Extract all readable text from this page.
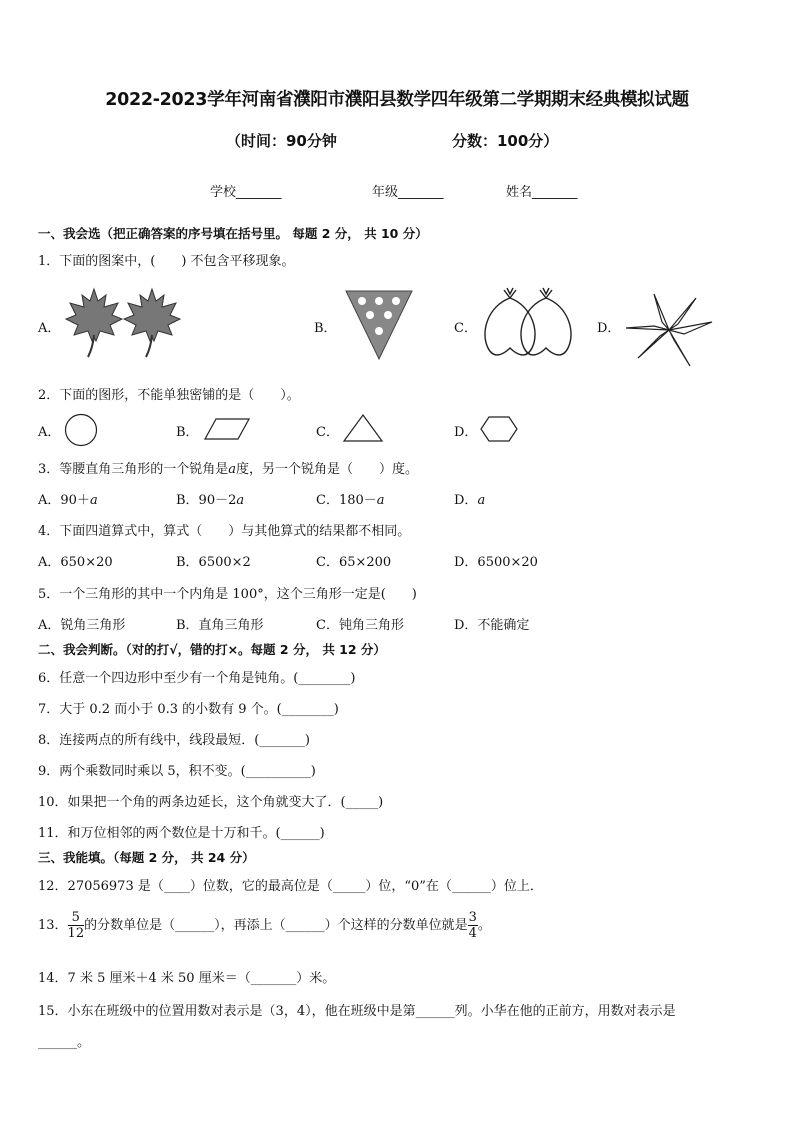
2022-2023学年河南省濮阳市濮阳县数学四年级第二学期期末经典模拟试题
（时间：90分钟	分数：100分）
学校_______	年级_______	姓名_______
一、我会选（把正确答案的序号填在括号里。 每题 2 分， 共 10 分）
1．下面的图案中，(　　) 不包含平移现象。
A．	B．	C．	D．
2．下面的图形，不能单独密铺的是（　　）。
A．	B．	C．	D．
3．等腰直角三角形的一个锐角是a度，另一个锐角是（　　）度。
A．90＋a	B．90－2a	C．180－a	D．a
4．下面四道算式中，算式（　　）与其他算式的结果都不相同。
A．650×20	B．6500×2	C．65×200	D．6500×20
5．一个三角形的其中一个内角是 100°，这个三角形一定是(　　)
A．锐角三角形	B．直角三角形	C．钝角三角形	D．不能确定
二、我会判断。（对的打√，错的打×。每题 2 分， 共 12 分）
6．任意一个四边形中至少有一个角是钝角。(________)
7．大于 0.2 而小于 0.3 的小数有 9 个。(________)
8．连接两点的所有线中，线段最短．(_______)
9．两个乘数同时乘以 5，积不变。(__________)
10．如果把一个角的两条边延长，这个角就变大了．(_____)
11．和万位相邻的两个数位是十万和千。(______)
三、我能填。（每题 2 分， 共 24 分）
12．27056973 是（____）位数，它的最高位是（_____）位，“0”在（______）位上．
13． $\frac{5}{12}$ 的分数单位是（______），再添上（______）个这样的分数单位就是 $\frac{3}{4}$ 。
14．7 米 5 厘米＋4 米 50 厘米＝（_______）米。
15．小东在班级中的位置用数对表示是（3，4），他在班级中是第______列。小华在他的正前方，用数对表示是
______。
